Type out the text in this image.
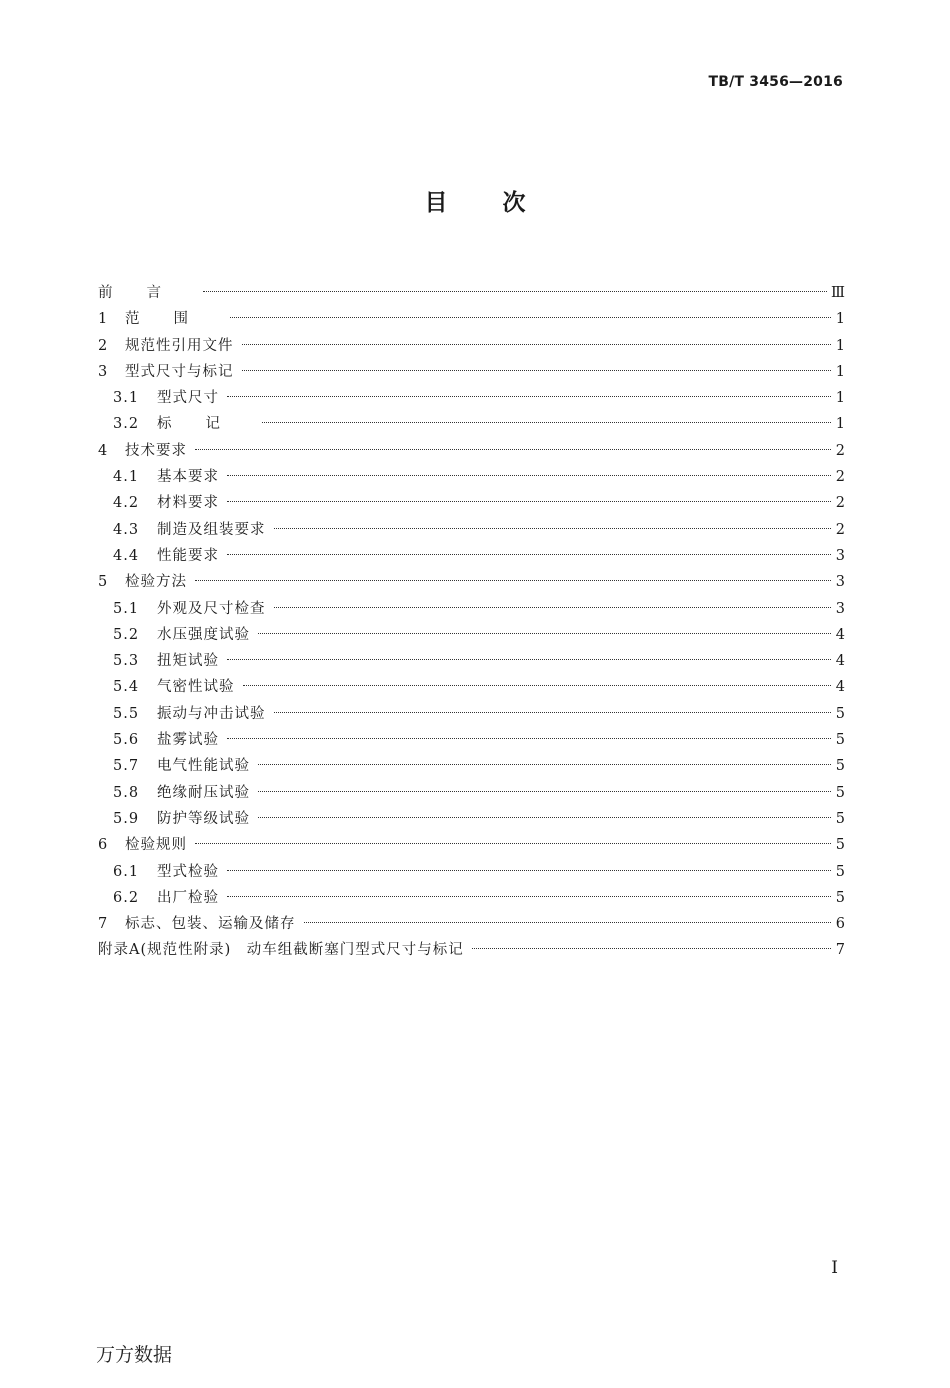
TB/T 3456—2016
目 次
前言	Ⅲ
1	范围	1
2	规范性引用文件	1
3	型式尺寸与标记	1
3.1	型式尺寸	1
3.2	标记	1
4	技术要求	2
4.1	基本要求	2
4.2	材料要求	2
4.3	制造及组装要求	2
4.4	性能要求	3
5	检验方法	3
5.1	外观及尺寸检查	3
5.2	水压强度试验	4
5.3	扭矩试验	4
5.4	气密性试验	4
5.5	振动与冲击试验	5
5.6	盐雾试验	5
5.7	电气性能试验	5
5.8	绝缘耐压试验	5
5.9	防护等级试验	5
6	检验规则	5
6.1	型式检验	5
6.2	出厂检验	5
7	标志、包装、运输及储存	6
附录A(规范性附录)　动车组截断塞门型式尺寸与标记	7
I
万方数据
